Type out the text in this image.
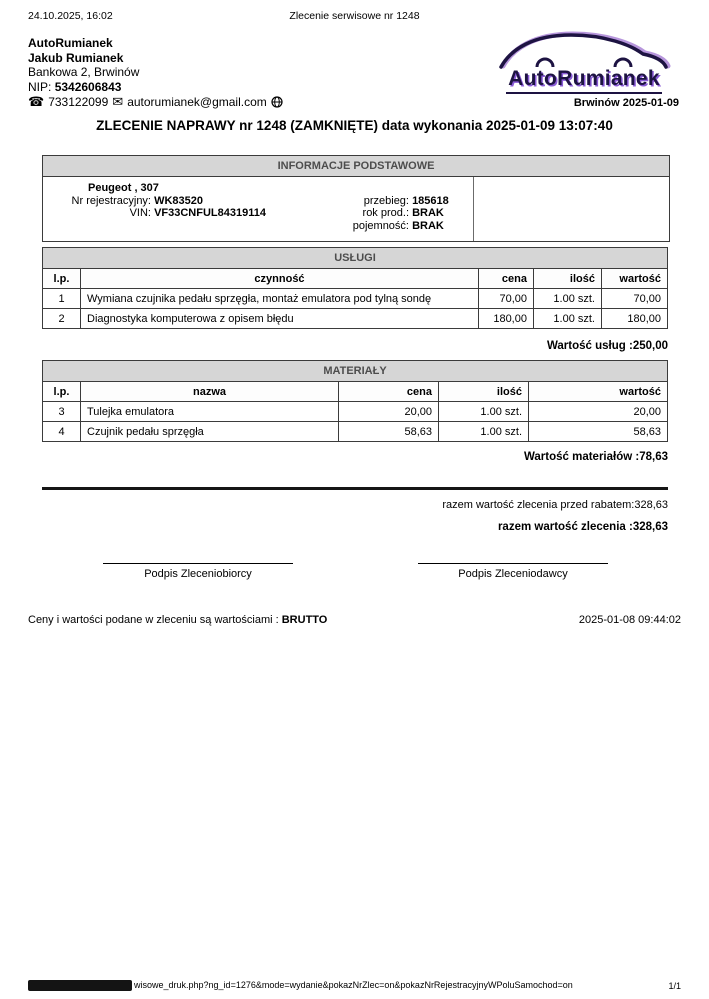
24.10.2025, 16:02	Zlecenie serwisowe nr 1248
AutoRumianek
Jakub Rumianek
Bankowa 2, Brwinów
NIP: 5342606843
☎ 733122099 ✉ autorumianek@gmail.com
AutoRumianek
Brwinów 2025-01-09
ZLECENIE NAPRAWY nr 1248 (ZAMKNIĘTE) data wykonania 2025-01-09 13:07:40
INFORMACJE PODSTAWOWE
Peugeot , 307
Nr rejestracyjny: WK83520
VIN: VF33CNFUL84319114
przebieg: 185618
rok prod.: BRAK
pojemność: BRAK
USŁUGI				
l.p.	czynność	cena	ilość	wartość
1	Wymiana czujnika pedału sprzęgła, montaż emulatora pod tylną sondę	70,00	1.00 szt.	70,00
2	Diagnostyka komputerowa z opisem błędu	180,00	1.00 szt.	180,00
Wartość usług :250,00
MATERIAŁY				
l.p.	nazwa	cena	ilość	wartość
3	Tulejka emulatora	20,00	1.00 szt.	20,00
4	Czujnik pedału sprzęgła	58,63	1.00 szt.	58,63
Wartość materiałów :78,63
razem wartość zlecenia przed rabatem:328,63
razem wartość zlecenia :328,63
Podpis Zleceniobiorcy	Podpis Zleceniodawcy
Ceny i wartości podane w zleceniu są wartościami : BRUTTO	2025-01-08 09:44:02
wisowe_druk.php?ng_id=1276&mode=wydanie&pokazNrZlec=on&pokazNrRejestracyjnyWPoluSamochod=on	1/1
